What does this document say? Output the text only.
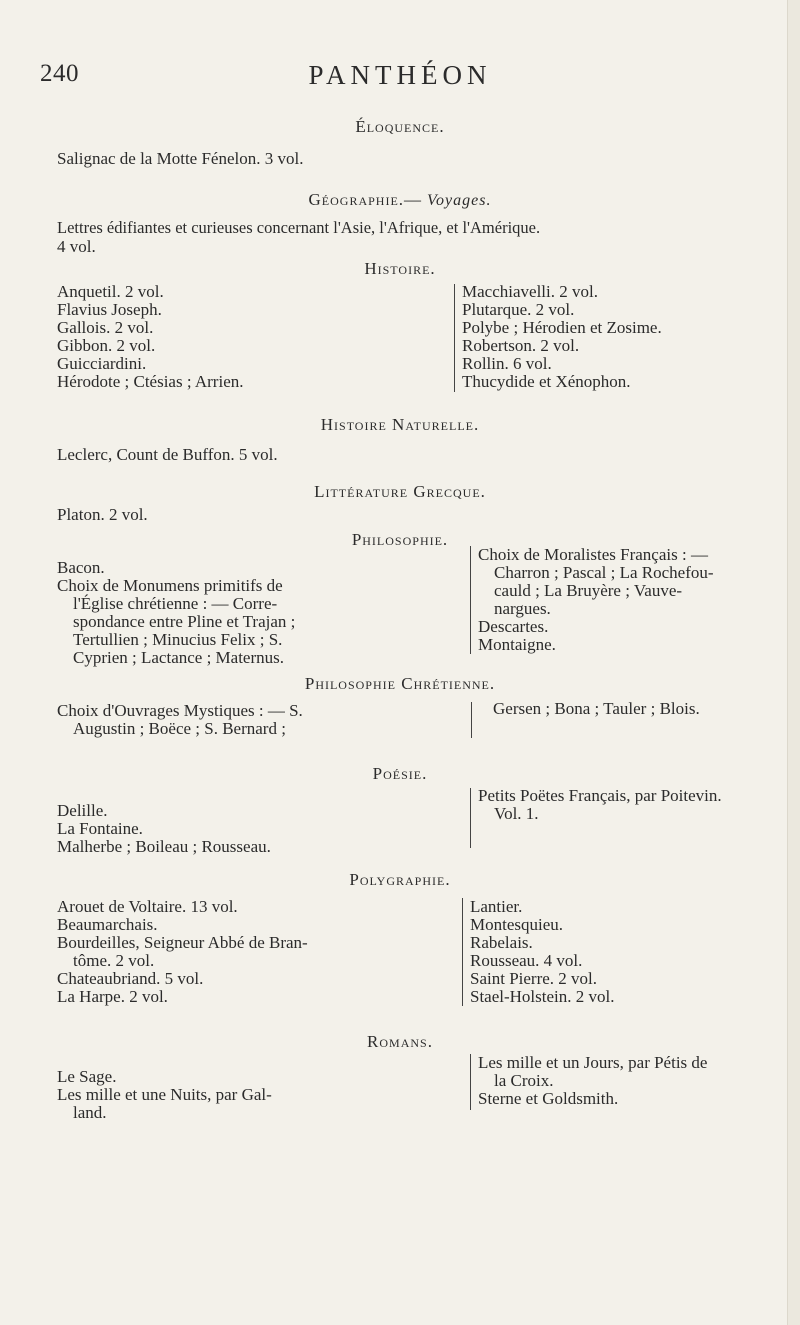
240	PANTHÉON
Éloquence.
Salignac de la Motte Fénelon. 3 vol.
Géographie.— Voyages.
Lettres édifiantes et curieuses concernant l'Asie, l'Afrique, et l'Amérique.
4 vol.
Histoire.
Anquetil. 2 vol.
Flavius Joseph.
Gallois. 2 vol.
Gibbon. 2 vol.
Guicciardini.
Hérodote ; Ctésias ; Arrien.
Macchiavelli. 2 vol.
Plutarque. 2 vol.
Polybe ; Hérodien et Zosime.
Robertson. 2 vol.
Rollin. 6 vol.
Thucydide et Xénophon.
Histoire Naturelle.
Leclerc, Count de Buffon. 5 vol.
Littérature Grecque.
Platon. 2 vol.
Philosophie.
Bacon.
Choix de Monumens primitifs de
l'Église chrétienne : — Corre-
spondance entre Pline et Trajan ;
Tertullien ; Minucius Felix ; S.
Cyprien ; Lactance ; Maternus.
Choix de Moralistes Français : —
Charron ; Pascal ; La Rochefou-
cauld ; La Bruyère ; Vauve-
nargues.
Descartes.
Montaigne.
Philosophie Chrétienne.
Choix d'Ouvrages Mystiques : — S.
Augustin ; Boëce ; S. Bernard ;
Gersen ; Bona ; Tauler ; Blois.
Poésie.
Delille.
La Fontaine.
Malherbe ; Boileau ; Rousseau.
Petits Poëtes Français, par Poitevin.
Vol. 1.
Polygraphie.
Arouet de Voltaire. 13 vol.
Beaumarchais.
Bourdeilles, Seigneur Abbé de Bran-
tôme. 2 vol.
Chateaubriand. 5 vol.
La Harpe. 2 vol.
Lantier.
Montesquieu.
Rabelais.
Rousseau. 4 vol.
Saint Pierre. 2 vol.
Stael-Holstein. 2 vol.
Romans.
Le Sage.
Les mille et une Nuits, par Gal-
land.
Les mille et un Jours, par Pétis de
la Croix.
Sterne et Goldsmith.
